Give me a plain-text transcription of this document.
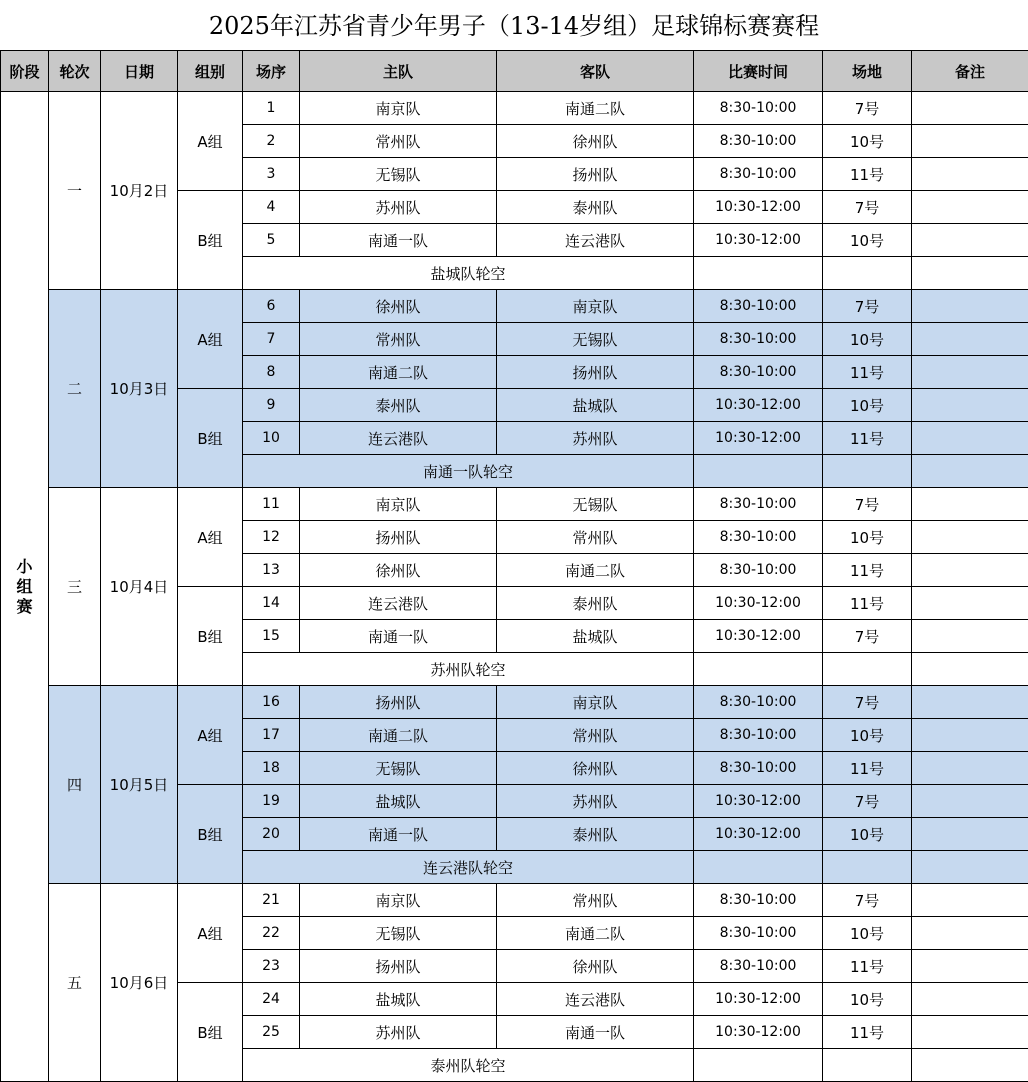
2025年江苏省青少年男子（13-14岁组）足球锦标赛赛程
阶段	轮次	日期	组别	场序	主队	客队	比赛时间	场地	备注

小
组
赛	一	10月2日	A组	1	南京队	南通二队	8:30-10:00	7号	
				2	常州队	徐州队	8:30-10:00	10号	
				3	无锡队	扬州队	8:30-10:00	11号	
			B组	4	苏州队	泰州队	10:30-12:00	7号	
				5	南通一队	连云港队	10:30-12:00	10号	
				盐城队轮空					
	二	10月3日	A组	6	徐州队	南京队	8:30-10:00	7号	
				7	常州队	无锡队	8:30-10:00	10号	
				8	南通二队	扬州队	8:30-10:00	11号	
			B组	9	泰州队	盐城队	10:30-12:00	10号	
				10	连云港队	苏州队	10:30-12:00	11号	
				南通一队轮空					
	三	10月4日	A组	11	南京队	无锡队	8:30-10:00	7号	
				12	扬州队	常州队	8:30-10:00	10号	
				13	徐州队	南通二队	8:30-10:00	11号	
			B组	14	连云港队	泰州队	10:30-12:00	11号	
				15	南通一队	盐城队	10:30-12:00	7号	
				苏州队轮空					
	四	10月5日	A组	16	扬州队	南京队	8:30-10:00	7号	
				17	南通二队	常州队	8:30-10:00	10号	
				18	无锡队	徐州队	8:30-10:00	11号	
			B组	19	盐城队	苏州队	10:30-12:00	7号	
				20	南通一队	泰州队	10:30-12:00	10号	
				连云港队轮空					
	五	10月6日	A组	21	南京队	常州队	8:30-10:00	7号	
				22	无锡队	南通二队	8:30-10:00	10号	
				23	扬州队	徐州队	8:30-10:00	11号	
			B组	24	盐城队	连云港队	10:30-12:00	10号	
				25	苏州队	南通一队	10:30-12:00	11号	
				泰州队轮空					
